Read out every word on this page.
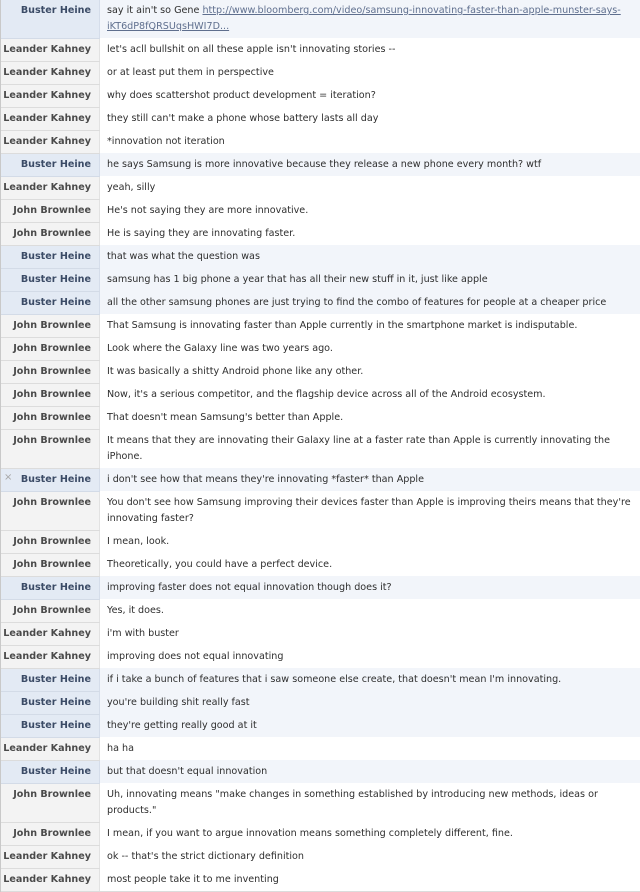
Buster Heine	say it ain't so Gene http://www.bloomberg.com/video/samsung-innovating-faster-than-apple-munster-says-iKT6dP8fQRSUqsHWI7D...
Leander Kahney	let's acll bullshit on all these apple isn't innovating stories --
Leander Kahney	or at least put them in perspective
Leander Kahney	why does scattershot product development = iteration?
Leander Kahney	they still can't make a phone whose battery lasts all day
Leander Kahney	*innovation not iteration
Buster Heine	he says Samsung is more innovative because they release a new phone every month? wtf
Leander Kahney	yeah, silly
John Brownlee	He's not saying they are more innovative.
John Brownlee	He is saying they are innovating faster.
Buster Heine	that was what the question was
Buster Heine	samsung has 1 big phone a year that has all their new stuff in it, just like apple
Buster Heine	all the other samsung phones are just trying to find the combo of features for people at a cheaper price
John Brownlee	That Samsung is innovating faster than Apple currently in the smartphone market is indisputable.
John Brownlee	Look where the Galaxy line was two years ago.
John Brownlee	It was basically a shitty Android phone like any other.
John Brownlee	Now, it's a serious competitor, and the flagship device across all of the Android ecosystem.
John Brownlee	That doesn't mean Samsung's better than Apple.
John Brownlee	It means that they are innovating their Galaxy line at a faster rate than Apple is currently innovating the iPhone.
Buster Heine	i don't see how that means they're innovating *faster* than Apple
×
John Brownlee	You don't see how Samsung improving their devices faster than Apple is improving theirs means that they're innovating faster?
John Brownlee	I mean, look.
John Brownlee	Theoretically, you could have a perfect device.
Buster Heine	improving faster does not equal innovation though does it?
John Brownlee	Yes, it does.
Leander Kahney	i'm with buster
Leander Kahney	improving does not equal innovating
Buster Heine	if i take a bunch of features that i saw someone else create, that doesn't mean I'm innovating.
Buster Heine	you're building shit really fast
Buster Heine	they're getting really good at it
Leander Kahney	ha ha
Buster Heine	but that doesn't equal innovation
John Brownlee	Uh, innovating means "make changes in something established by introducing new methods, ideas or products."
John Brownlee	I mean, if you want to argue innovation means something completely different, fine.
Leander Kahney	ok -- that's the strict dictionary definition
Leander Kahney	most people take it to me inventing
